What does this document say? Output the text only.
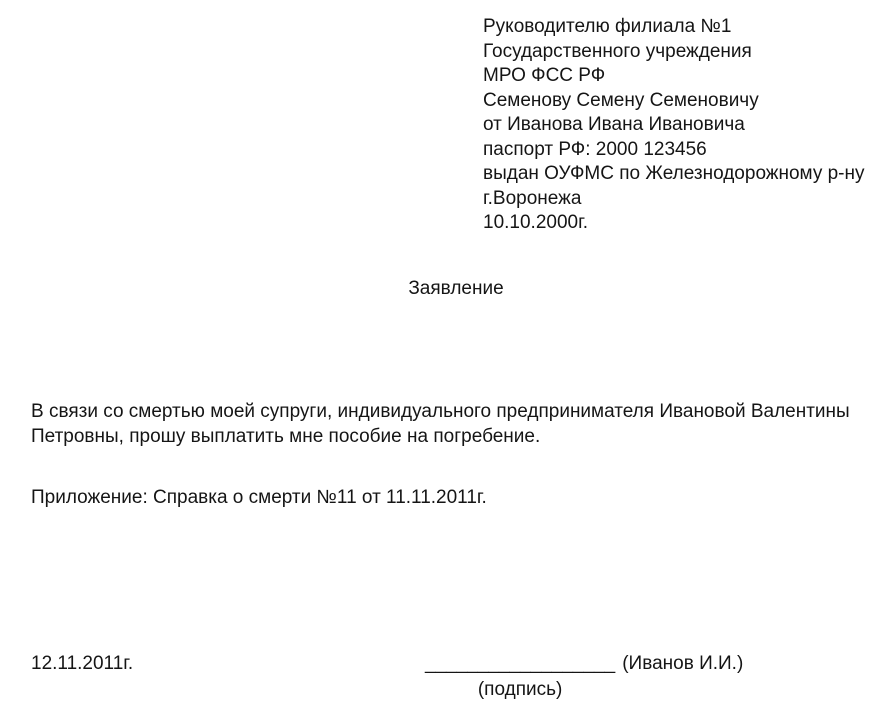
Руководителю филиала №1
Государственного учреждения
МРО ФСС РФ
Семенову Семену Семеновичу
от Иванова Ивана Ивановича
паспорт РФ: 2000 123456
выдан ОУФМС по Железнодорожному р-ну
г.Воронежа
10.10.2000г.
Заявление
В связи со смертью моей супруги, индивидуального предпринимателя Ивановой Валентины Петровны, прошу выплатить мне пособие на погребение.
Приложение: Справка о смерти №11 от 11.11.2011г.
12.11.2011г.	__________________ (Иванов И.И.)
(подпись)
